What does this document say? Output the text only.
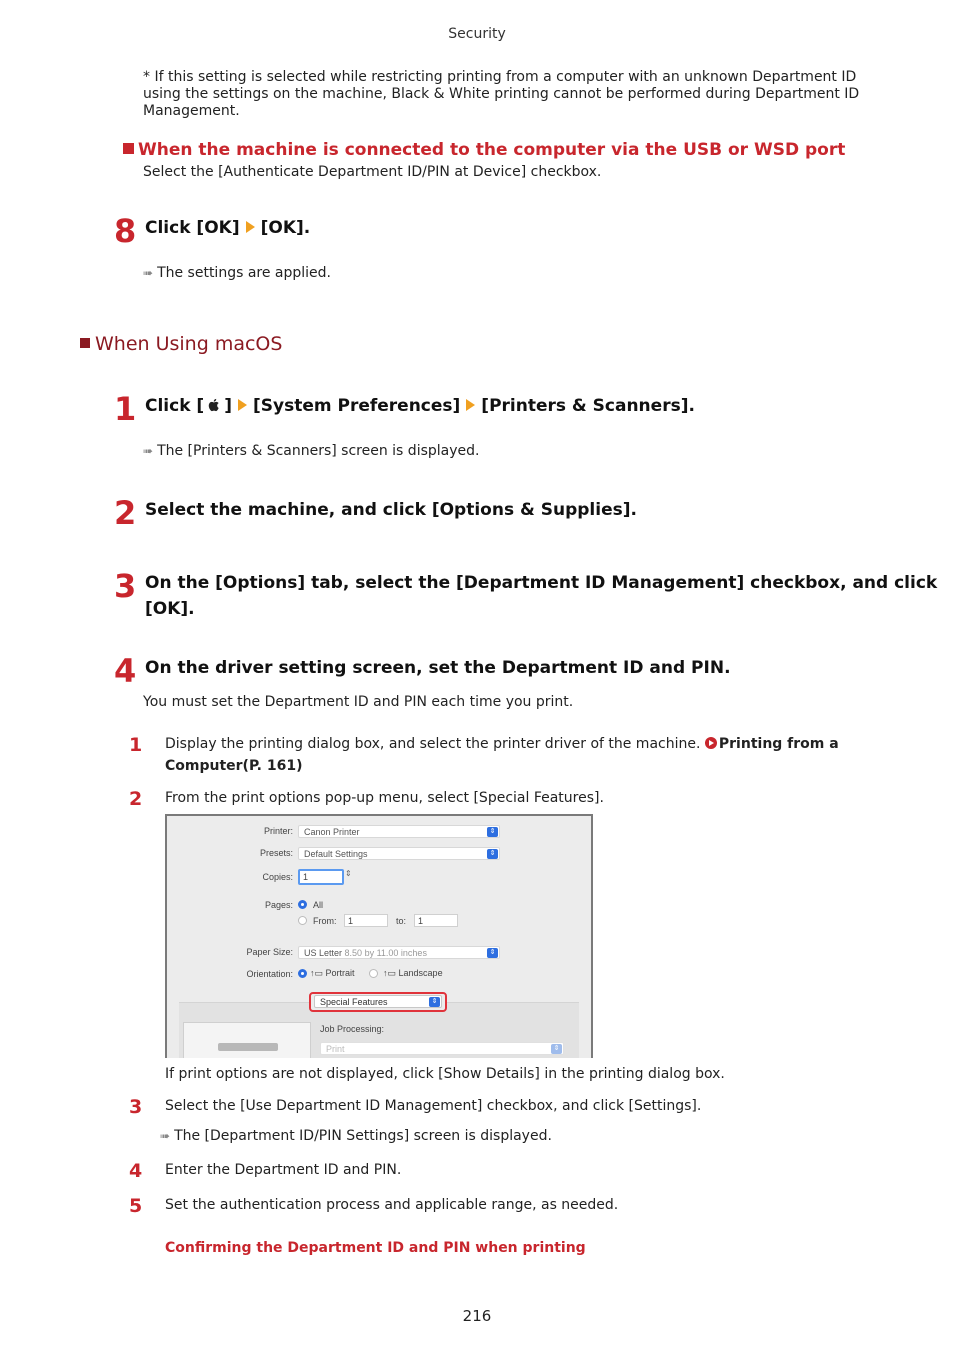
Security
* If this setting is selected while restricting printing from a computer with an unknown Department ID using the settings on the machine, Black & White printing cannot be performed during Department ID Management.
When the machine is connected to the computer via the USB or WSD port
Select the [Authenticate Department ID/PIN at Device] checkbox.
8 Click [OK] [OK].
➠ The settings are applied.
When Using macOS
1 Click [ ] [System Preferences] [Printers & Scanners].
➠ The [Printers & Scanners] screen is displayed.
2 Select the machine, and click [Options & Supplies].
3 On the [Options] tab, select the [Department ID Management] checkbox, and click
[OK].
4 On the driver setting screen, set the Department ID and PIN.
You must set the Department ID and PIN each time you print.
1 Display the printing dialog box, and select the printer driver of the machine. Printing from a
Computer(P. 161)
2 From the print options pop-up menu, select [Special Features].
Printer:	Canon Printer	⇕
Presets:	Default Settings	⇕
Copies:	1	⇕
Pages: All
From:	1	to:	1
Paper Size:	US Letter 8.50 by 11.00 inches	⇕
Orientation: ↑▭ Portrait	↑▭ Landscape
Special Features	⇕
Job Processing:
Print	⇕
If print options are not displayed, click [Show Details] in the printing dialog box.
3 Select the [Use Department ID Management] checkbox, and click [Settings].
➠ The [Department ID/PIN Settings] screen is displayed.
4 Enter the Department ID and PIN.
5 Set the authentication process and applicable range, as needed.
Confirming the Department ID and PIN when printing
216
